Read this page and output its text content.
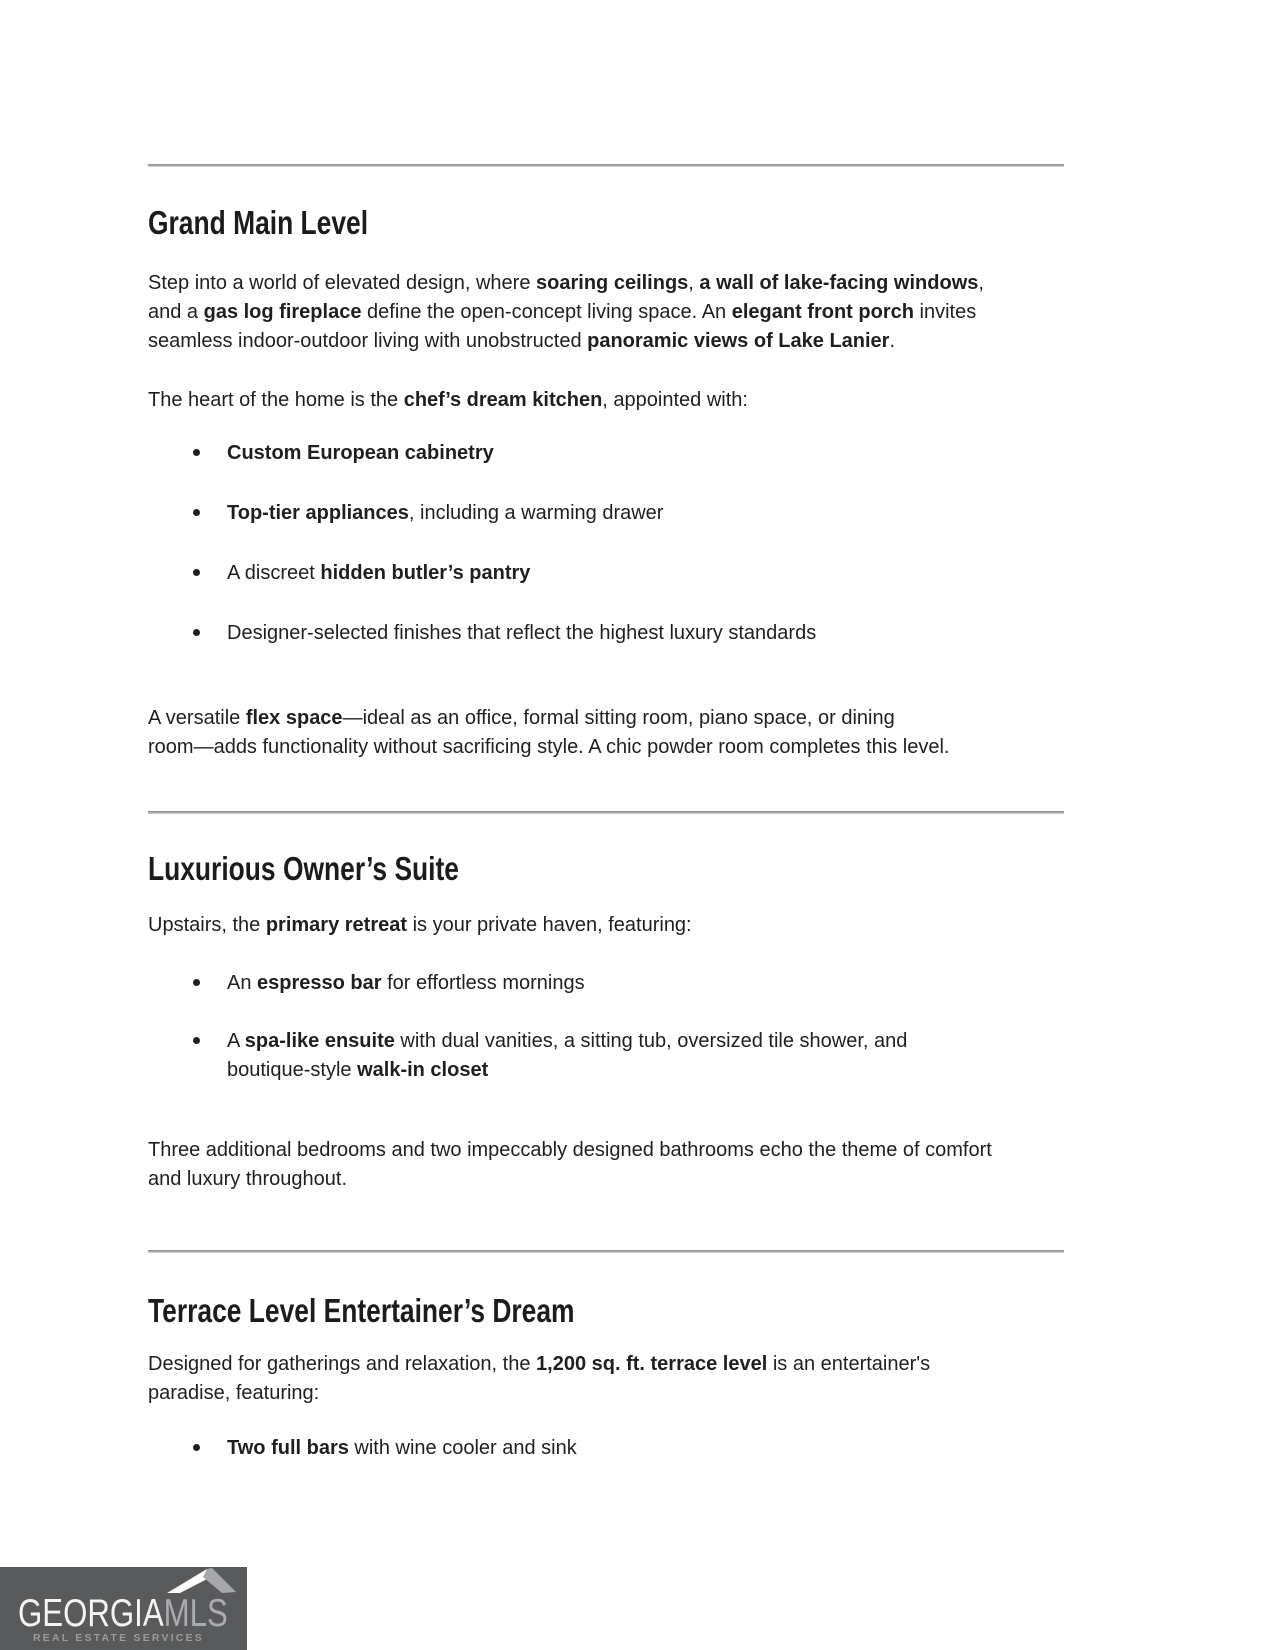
Grand Main Level

Step into a world of elevated design, where soaring ceilings, a wall of lake-facing windows,
and a gas log fireplace define the open-concept living space. An elegant front porch invites
seamless indoor-outdoor living with unobstructed panoramic views of Lake Lanier.

The heart of the home is the chef’s dream kitchen, appointed with:

Custom European cabinetry
Top-tier appliances, including a warming drawer
A discreet hidden butler’s pantry
Designer-selected finishes that reflect the highest luxury standards

A versatile flex space—ideal as an office, formal sitting room, piano space, or dining
room—adds functionality without sacrificing style. A chic powder room completes this level.

Luxurious Owner’s Suite

Upstairs, the primary retreat is your private haven, featuring:

An espresso bar for effortless mornings
A spa-like ensuite with dual vanities, a sitting tub, oversized tile shower, and
boutique-style walk-in closet

Three additional bedrooms and two impeccably designed bathrooms echo the theme of comfort
and luxury throughout.

Terrace Level Entertainer’s Dream

Designed for gatherings and relaxation, the 1,200 sq. ft. terrace level is an entertainer's
paradise, featuring:

Two full bars with wine cooler and sink
GEORGIAMLS
REAL ESTATE SERVICES
